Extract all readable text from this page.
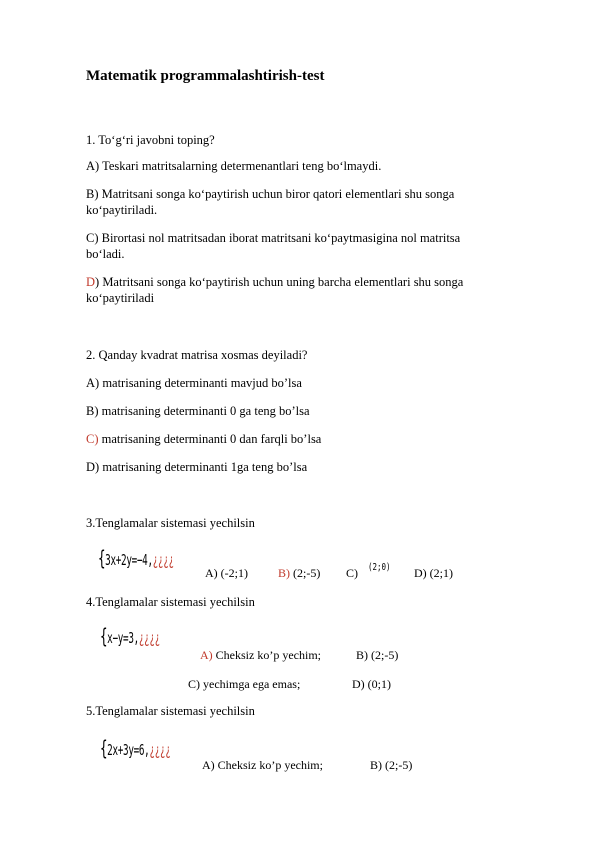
Matematik programmalashtirish-test
1. To‘g‘ri javobni toping?
A) Teskari matritsalarning determenantlari teng bo‘lmaydi.
B) Matritsani songa ko‘paytirish uchun biror qatori elementlari shu songa
ko‘paytiriladi.
C) Birortasi nol matritsadan iborat matritsani ko‘paytmasigina nol matritsa
bo‘ladi.
D) Matritsani songa ko‘paytirish uchun uning barcha elementlari shu songa
ko‘paytiriladi
2. Qanday kvadrat matrisa xosmas deyiladi?
A) matrisaning determinanti mavjud bo’lsa
B) matrisaning determinanti 0 ga teng bo’lsa
C) matrisaning determinanti 0 dan farqli bo’lsa
D) matrisaning determinanti 1ga teng bo’lsa
3.Tenglamalar sistemasi yechilsin
{3x+2y=−4,¿¿¿¿
A) (-2;1)	B) (2;-5) C) (2;0) D) (2;1)
4.Tenglamalar sistemasi yechilsin
{x−y=3,¿¿¿¿
A) Cheksiz ko’p yechim;	B) (2;-5)
C) yechimga ega emas;	D) (0;1)
5.Tenglamalar sistemasi yechilsin
{2x+3y=6,¿¿¿¿
A) Cheksiz ko’p yechim;	B) (2;-5)
